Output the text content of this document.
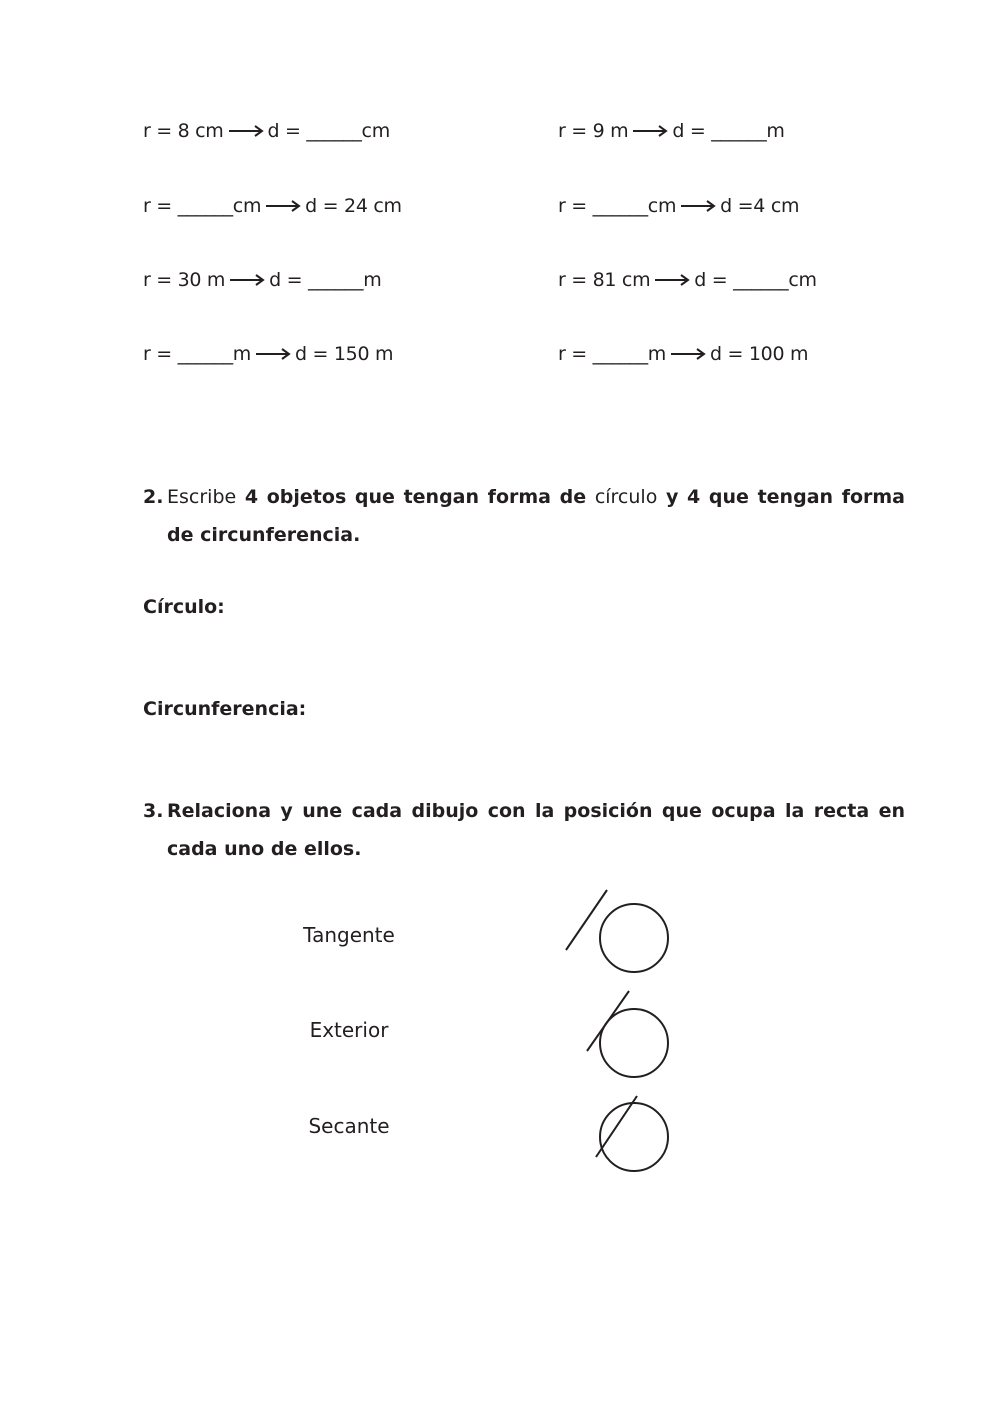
r = 8 cm d = ______cm	r = 9 m d = ______m
r = ______cm d = 24 cm	r = ______cm d =4 cm
r = 30 m d = ______m	r = 81 cm d = ______cm
r = ______m d = 150 m	r = ______m d = 100 m
2. Escribe 4 objetos que tengan forma de círculo y 4 que tengan forma de circunferencia.
Círculo:
Circunferencia:
3. Relaciona y une cada dibujo con la posición que ocupa la recta en cada uno de ellos.
Tangente
Exterior
Secante
